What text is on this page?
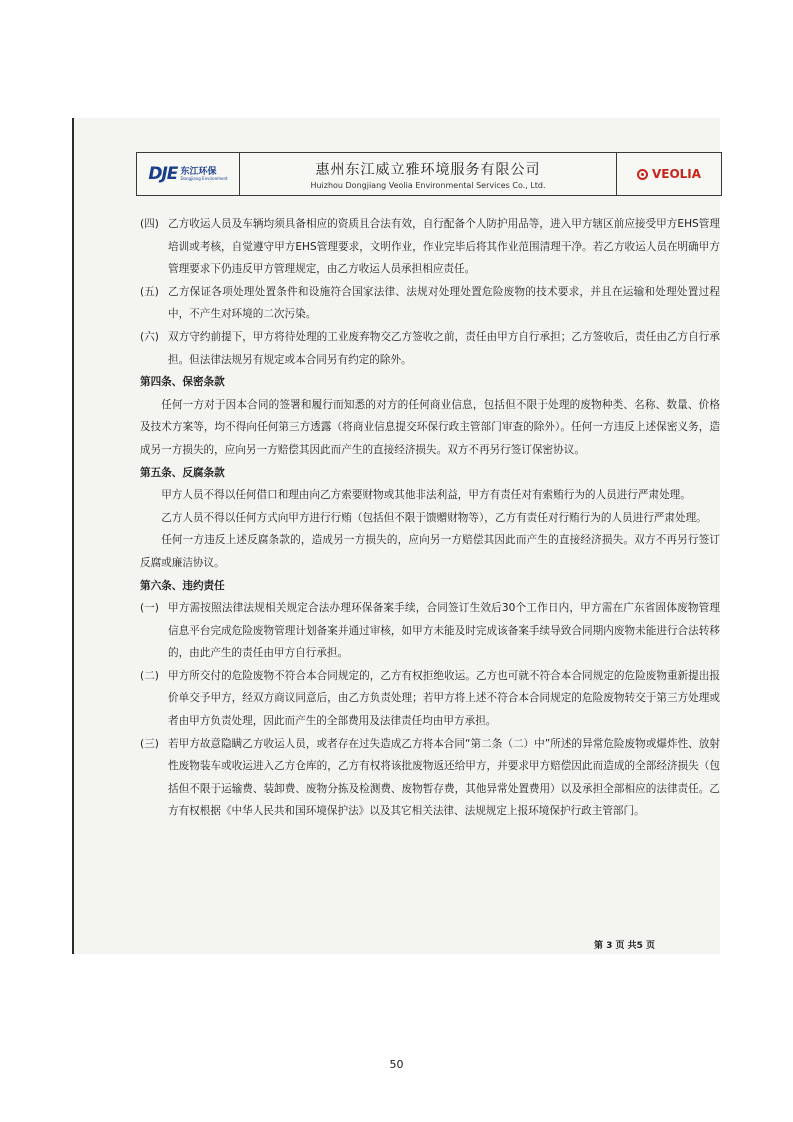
DJE 东江环保
Dongjiang Environment
惠州东江威立雅环境服务有限公司
Huizhou Dongjiang Veolia Environmental Services Co., Ltd.
VEOLIA
(四) 乙方收运人员及车辆均须具备相应的资质且合法有效，自行配备个人防护用品等，进入甲方辖区前应接受甲方EHS管理培训或考核，自觉遵守甲方EHS管理要求，文明作业，作业完毕后将其作业范围清理干净。若乙方收运人员在明确甲方管理要求下仍违反甲方管理规定，由乙方收运人员承担相应责任。
(五) 乙方保证各项处理处置条件和设施符合国家法律、法规对处理处置危险废物的技术要求，并且在运输和处理处置过程中，不产生对环境的二次污染。
(六) 双方守约前提下，甲方将待处理的工业废弃物交乙方签收之前，责任由甲方自行承担；乙方签收后，责任由乙方自行承担。但法律法规另有规定或本合同另有约定的除外。
第四条、保密条款
任何一方对于因本合同的签署和履行而知悉的对方的任何商业信息，包括但不限于处理的废物种类、名称、数量、价格及技术方案等，均不得向任何第三方透露（将商业信息提交环保行政主管部门审查的除外）。任何一方违反上述保密义务，造成另一方损失的，应向另一方赔偿其因此而产生的直接经济损失。双方不再另行签订保密协议。
第五条、反腐条款
甲方人员不得以任何借口和理由向乙方索要财物或其他非法利益，甲方有责任对有索贿行为的人员进行严肃处理。
乙方人员不得以任何方式向甲方进行行贿（包括但不限于馈赠财物等），乙方有责任对行贿行为的人员进行严肃处理。
任何一方违反上述反腐条款的，造成另一方损失的，应向另一方赔偿其因此而产生的直接经济损失。双方不再另行签订反腐或廉洁协议。
第六条、违约责任
(一) 甲方需按照法律法规相关规定合法办理环保备案手续，合同签订生效后30个工作日内，甲方需在广东省固体废物管理信息平台完成危险废物管理计划备案并通过审核，如甲方未能及时完成该备案手续导致合同期内废物未能进行合法转移的，由此产生的责任由甲方自行承担。
(二) 甲方所交付的危险废物不符合本合同规定的，乙方有权拒绝收运。乙方也可就不符合本合同规定的危险废物重新提出报价单交予甲方，经双方商议同意后，由乙方负责处理；若甲方将上述不符合本合同规定的危险废物转交于第三方处理或者由甲方负责处理，因此而产生的全部费用及法律责任均由甲方承担。
(三) 若甲方故意隐瞒乙方收运人员，或者存在过失造成乙方将本合同“第二条（二）中”所述的异常危险废物或爆炸性、放射性废物装车或收运进入乙方仓库的，乙方有权将该批废物返还给甲方，并要求甲方赔偿因此而造成的全部经济损失（包括但不限于运输费、装卸费、废物分拣及检测费、废物暂存费，其他异常处置费用）以及承担全部相应的法律责任。乙方有权根据《中华人民共和国环境保护法》以及其它相关法律、法规规定上报环境保护行政主管部门。
第 3 页 共5 页
50
